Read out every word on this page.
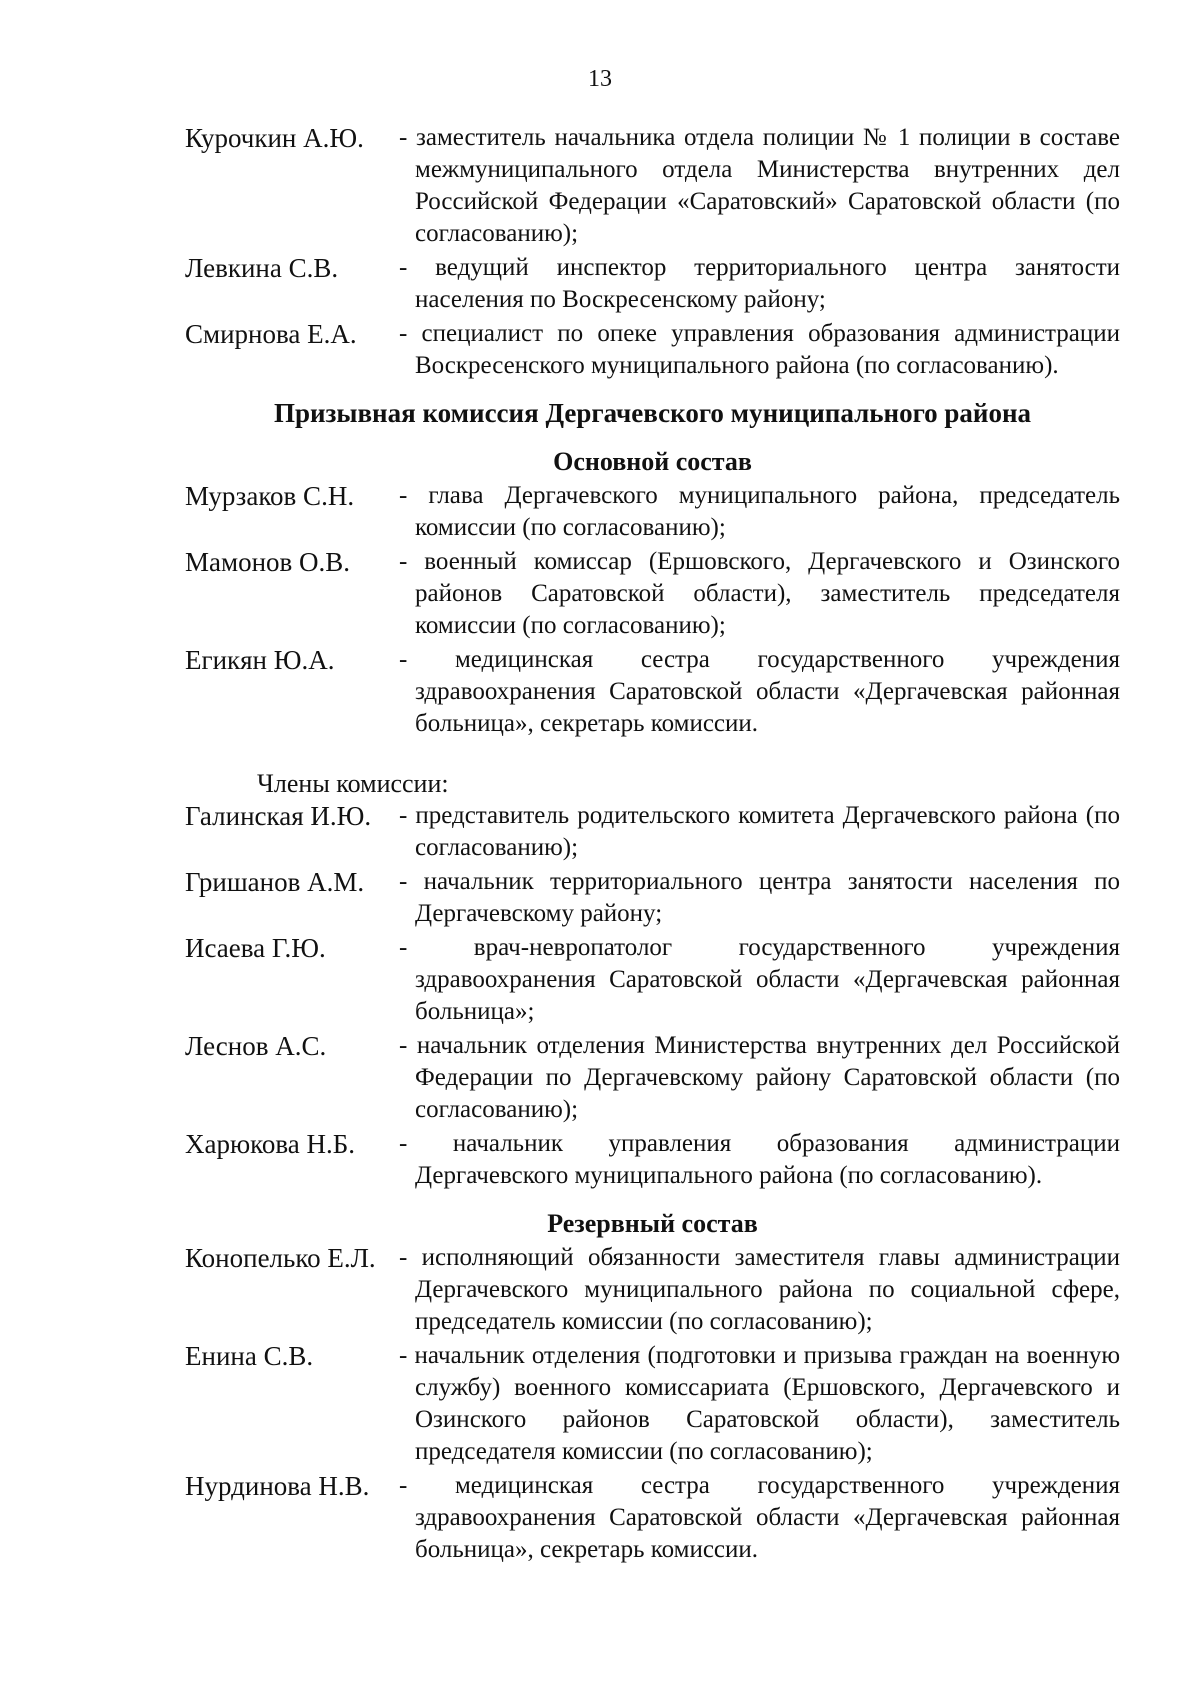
13
Курочкин А.Ю.	- заместитель начальника отдела полиции № 1 полиции в составе межмуниципального отдела Министерства внутренних дел Российской Федерации «Саратовский» Саратовской области (по согласованию);
Левкина С.В.	- ведущий инспектор территориального центра занятости населения по Воскресенскому району;
Смирнова Е.А.	- специалист по опеке управления образования администрации Воскресенского муниципального района (по согласованию).
Призывная комиссия Дергачевского муниципального района
Основной состав
Мурзаков С.Н.	- глава Дергачевского муниципального района, председатель комиссии (по согласованию);
Мамонов О.В.	- военный комиссар (Ершовского, Дергачевского и Озинского районов Саратовской области), заместитель председателя комиссии (по согласованию);
Егикян Ю.А.	- медицинская сестра государственного учреждения здравоохранения Саратовской области «Дергачевская районная больница», секретарь комиссии.
Члены комиссии:
Галинская И.Ю.	- представитель родительского комитета Дергачевского района (по согласованию);
Гришанов А.М.	- начальник территориального центра занятости населения по Дергачевскому району;
Исаева Г.Ю.	- врач-невропатолог государственного учреждения здравоохранения Саратовской области «Дергачевская районная больница»;
Леснов А.С.	- начальник отделения Министерства внутренних дел Российской Федерации по Дергачевскому району Саратовской области (по согласованию);
Харюкова Н.Б.	- начальник управления образования администрации Дергачевского муниципального района (по согласованию).
Резервный состав
Конопелько Е.Л.	- исполняющий обязанности заместителя главы администрации Дергачевского муниципального района по социальной сфере, председатель комиссии (по согласованию);
Енина С.В.	- начальник отделения (подготовки и призыва граждан на военную службу) военного комиссариата (Ершовского, Дергачевского и Озинского районов Саратовской области), заместитель председателя комиссии (по согласованию);
Нурдинова Н.В.	- медицинская сестра государственного учреждения здравоохранения Саратовской области «Дергачевская районная больница», секретарь комиссии.
